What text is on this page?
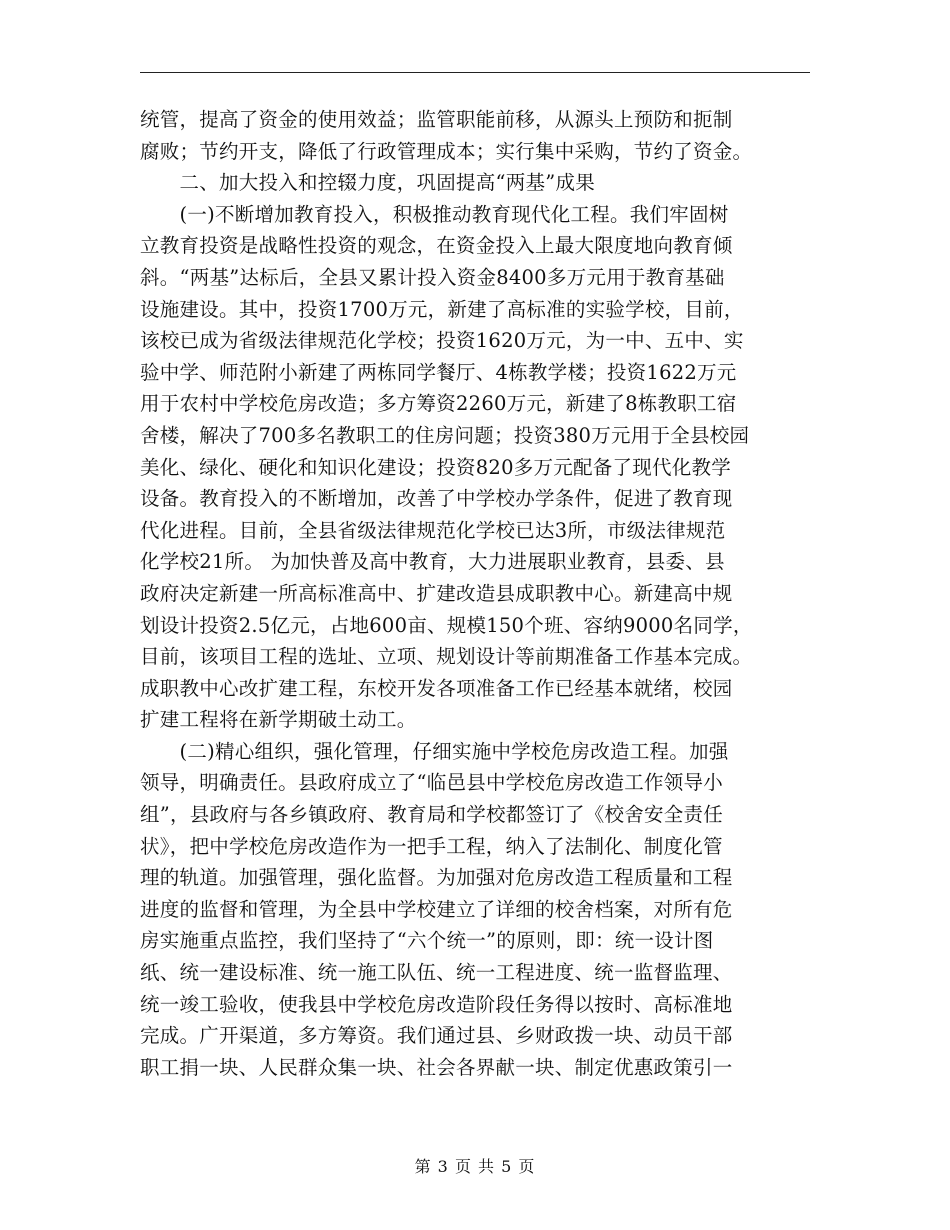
统管，提高了资金的使用效益；监管职能前移，从源头上预防和扼制
腐败；节约开支，降低了行政管理成本；实行集中采购，节约了资金。
　　二、加大投入和控辍力度，巩固提高“两基”成果
　　(一)不断增加教育投入，积极推动教育现代化工程。我们牢固树
立教育投资是战略性投资的观念，在资金投入上最大限度地向教育倾
斜。“两基”达标后，全县又累计投入资金8400多万元用于教育基础
设施建设。其中，投资1700万元，新建了高标准的实验学校，目前，
该校已成为省级法律规范化学校；投资1620万元，为一中、五中、实
验中学、师范附小新建了两栋同学餐厅、4栋教学楼；投资1622万元
用于农村中学校危房改造；多方筹资2260万元，新建了8栋教职工宿
舍楼，解决了700多名教职工的住房问题；投资380万元用于全县校园
美化、绿化、硬化和知识化建设；投资820多万元配备了现代化教学
设备。教育投入的不断增加，改善了中学校办学条件，促进了教育现
代化进程。目前，全县省级法律规范化学校已达3所，市级法律规范
化学校21所。 为加快普及高中教育，大力进展职业教育，县委、县
政府决定新建一所高标准高中、扩建改造县成职教中心。新建高中规
划设计投资2.5亿元，占地600亩、规模150个班、容纳9000名同学，
目前，该项目工程的选址、立项、规划设计等前期准备工作基本完成。
成职教中心改扩建工程，东校开发各项准备工作已经基本就绪，校园
扩建工程将在新学期破土动工。
　　(二)精心组织，强化管理，仔细实施中学校危房改造工程。加强
领导，明确责任。县政府成立了“临邑县中学校危房改造工作领导小
组”，县政府与各乡镇政府、教育局和学校都签订了《校舍安全责任
状》，把中学校危房改造作为一把手工程，纳入了法制化、制度化管
理的轨道。加强管理，强化监督。为加强对危房改造工程质量和工程
进度的监督和管理，为全县中学校建立了详细的校舍档案，对所有危
房实施重点监控，我们坚持了“六个统一”的原则，即：统一设计图
纸、统一建设标准、统一施工队伍、统一工程进度、统一监督监理、
统一竣工验收，使我县中学校危房改造阶段任务得以按时、高标准地
完成。广开渠道，多方筹资。我们通过县、乡财政拨一块、动员干部
职工捐一块、人民群众集一块、社会各界献一块、制定优惠政策引一
第 3 页 共 5 页
